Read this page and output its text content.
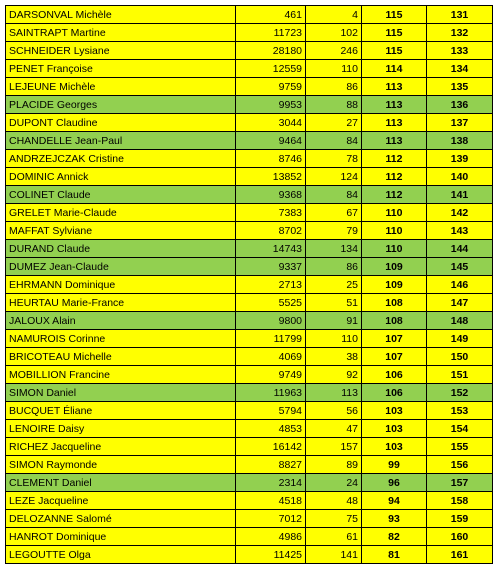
DARSONVAL Michèle	461	4	115	131
SAINTRAPT Martine	11723	102	115	132
SCHNEIDER Lysiane	28180	246	115	133
PENET Françoise	12559	110	114	134
LEJEUNE Michèle	9759	86	113	135
PLACIDE Georges	9953	88	113	136
DUPONT Claudine	3044	27	113	137
CHANDELLE Jean-Paul	9464	84	113	138
ANDRZEJCZAK Cristine	8746	78	112	139
DOMINIC Annick	13852	124	112	140
COLINET Claude	9368	84	112	141
GRELET Marie-Claude	7383	67	110	142
MAFFAT Sylviane	8702	79	110	143
DURAND Claude	14743	134	110	144
DUMEZ Jean-Claude	9337	86	109	145
EHRMANN Dominique	2713	25	109	146
HEURTAU Marie-France	5525	51	108	147
JALOUX Alain	9800	91	108	148
NAMUROIS Corinne	11799	110	107	149
BRICOTEAU Michelle	4069	38	107	150
MOBILLION Francine	9749	92	106	151
SIMON Daniel	11963	113	106	152
BUCQUET Éliane	5794	56	103	153
LENOIRE Daisy	4853	47	103	154
RICHEZ Jacqueline	16142	157	103	155
SIMON Raymonde	8827	89	99	156
CLEMENT Daniel	2314	24	96	157
LEZE Jacqueline	4518	48	94	158
DELOZANNE Salomé	7012	75	93	159
HANROT Dominique	4986	61	82	160
LEGOUTTE Olga	11425	141	81	161
